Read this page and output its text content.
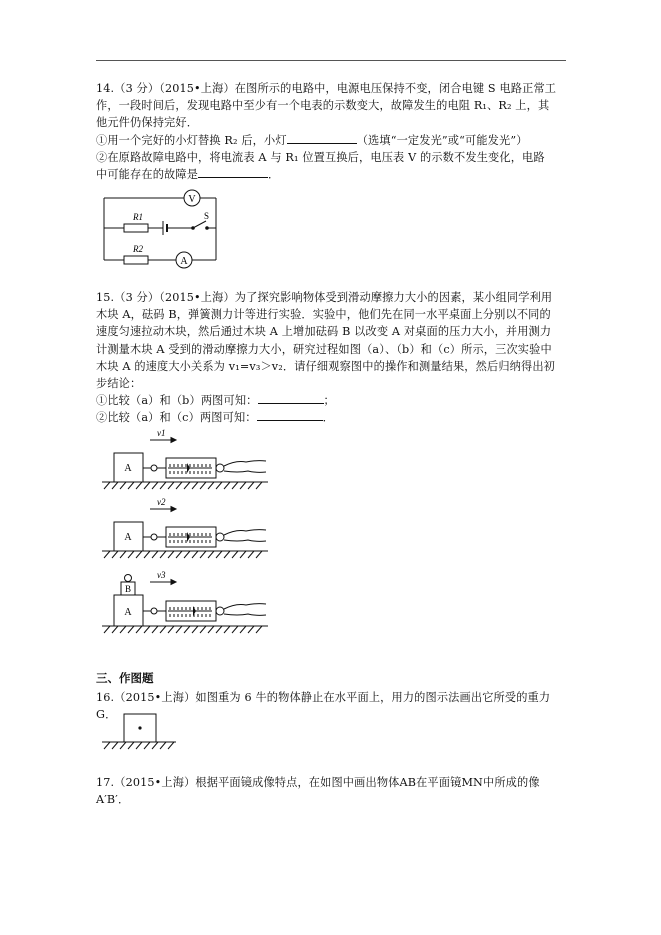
14.（3 分）（2015•上海）在图所示的电路中，电源电压保持不变，闭合电键 S 电路正常工

作，一段时间后，发现电路中至少有一个电表的示数变大，故障发生的电阻 R₁、R₂ 上，其

他元件仍保持完好．

①用一个完好的小灯替换 R₂ 后，小灯	（选填“一定发光”或“可能发光”）

②在原路故障电路中，将电流表 A 与 R₁ 位置互换后，电压表 V 的示数不发生变化，电路

中可能存在的故障是	．

V
R1	S
R2
A

15.（3 分）（2015•上海）为了探究影响物体受到滑动摩擦力大小的因素，某小组同学利用

木块 A，砝码 B，弹簧测力计等进行实验．实验中，他们先在同一水平桌面上分别以不同的

速度匀速拉动木块，然后通过木块 A 上增加砝码 B 以改变 A 对桌面的压力大小，并用测力

计测量木块 A 受到的滑动摩擦力大小，研究过程如图（a）、（b）和（c）所示，三次实验中

木块 A 的速度大小关系为 v₁=v₃＞v₂．请仔细观察图中的操作和测量结果，然后归纳得出初

步结论：

①比较（a）和（b）两图可知：	；

②比较（a）和（c）两图可知：	．

v1
A
v2
A
v3
B
A
三、作图题

16.（2015•上海）如图重为 6 牛的物体静止在水平面上，用力的图示法画出它所受的重力 G．

17.（2015•上海）根据平面镜成像特点，在如图中画出物体AB在平面镜MN中所成的像 A′B′．
